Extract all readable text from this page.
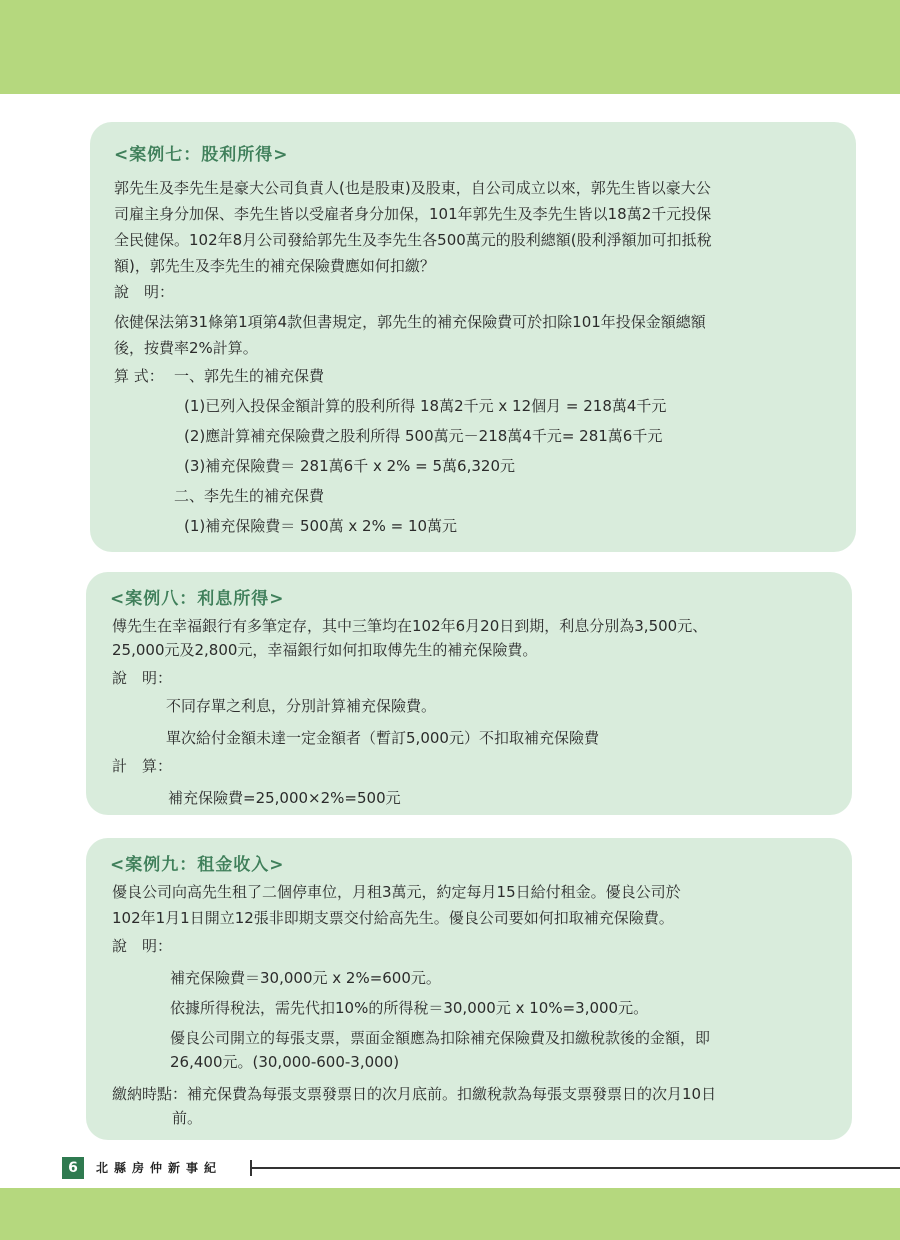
<案例七：股利所得>
郭先生及李先生是豪大公司負責人(也是股東)及股東，自公司成立以來，郭先生皆以豪大公
司雇主身分加保、李先生皆以受雇者身分加保，101年郭先生及李先生皆以18萬2千元投保
全民健保。102年8月公司發給郭先生及李先生各500萬元的股利總額(股利淨額加可扣抵稅
額)，郭先生及李先生的補充保險費應如何扣繳？
說　明：
依健保法第31條第1項第4款但書規定，郭先生的補充保險費可於扣除101年投保金額總額
後，按費率2%計算。
算 式： 一、郭先生的補充保費
(1)已列入投保金額計算的股利所得 18萬2千元 x 12個月 = 218萬4千元
(2)應計算補充保險費之股利所得 500萬元－218萬4千元= 281萬6千元
(3)補充保險費＝ 281萬6千 x 2% = 5萬6,320元
二、李先生的補充保費
(1)補充保險費＝ 500萬 x 2% = 10萬元
<案例八：利息所得>
傅先生在幸福銀行有多筆定存，其中三筆均在102年6月20日到期，利息分別為3,500元、
25,000元及2,800元，幸福銀行如何扣取傅先生的補充保險費。
說　明：
不同存單之利息，分別計算補充保險費。
單次給付金額未達一定金額者（暫訂5,000元）不扣取補充保險費
計　算：
補充保險費=25,000×2%=500元
<案例九：租金收入>
優良公司向高先生租了二個停車位，月租3萬元，約定每月15日給付租金。優良公司於
102年1月1日開立12張非即期支票交付給高先生。優良公司要如何扣取補充保險費。
說　明：
補充保險費＝30,000元 x 2%=600元。
依據所得稅法，需先代扣10%的所得稅＝30,000元 x 10%=3,000元。
優良公司開立的每張支票，票面金額應為扣除補充保險費及扣繳稅款後的金額，即
26,400元。(30,000-600-3,000)
繳納時點：補充保費為每張支票發票日的次月底前。扣繳稅款為每張支票發票日的次月10日
前。
6	北縣房仲新事紀
